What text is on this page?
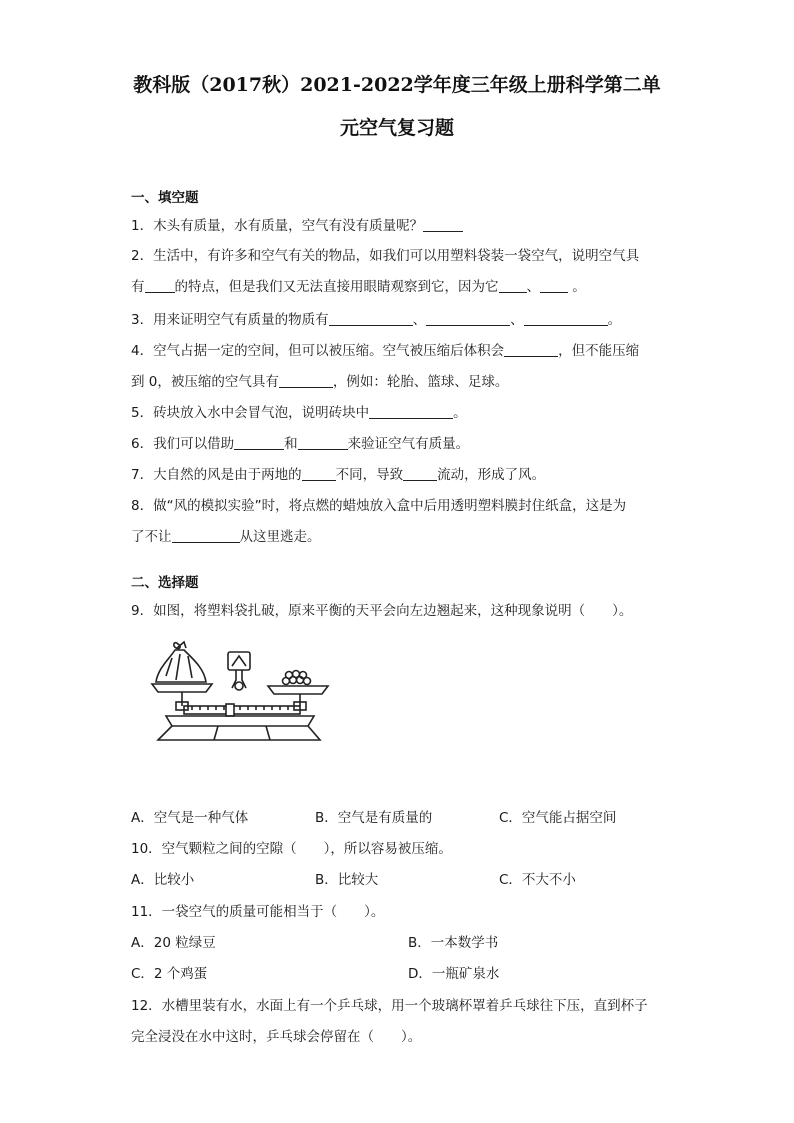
教科版（2017秋）2021-2022学年度三年级上册科学第二单
元空气复习题
一、填空题
1．木头有质量，水有质量，空气有没有质量呢？
2．生活中，有许多和空气有关的物品，如我们可以用塑料袋装一袋空气，说明空气具
有 的特点，但是我们又无法直接用眼睛观察到它，因为它 、 。
3．用来证明空气有质量的物质有	、	、	。
4．空气占据一定的空间，但可以被压缩。空气被压缩后体积会	，但不能压缩
到 0，被压缩的空气具有	，例如：轮胎、篮球、足球。
5．砖块放入水中会冒气泡，说明砖块中	。
6．我们可以借助	和	来验证空气有质量。
7．大自然的风是由于两地的	不同，导致	流动，形成了风。
8．做“风的模拟实验”时，将点燃的蜡烛放入盒中后用透明塑料膜封住纸盒，这是为
了不让	从这里逃走。
二、选择题
9．如图，将塑料袋扎破，原来平衡的天平会向左边翘起来，这种现象说明（　　）。
A．空气是一种气体	B．空气是有质量的	C．空气能占据空间
10．空气颗粒之间的空隙（　　），所以容易被压缩。
A．比较小	B．比较大	C．不大不小
11．一袋空气的质量可能相当于（　　）。
A．20 粒绿豆	B．一本数学书
C．2 个鸡蛋	D．一瓶矿泉水
12．水槽里装有水，水面上有一个乒乓球，用一个玻璃杯罩着乒乓球往下压，直到杯子
完全浸没在水中这时，乒乓球会停留在（　　）。
